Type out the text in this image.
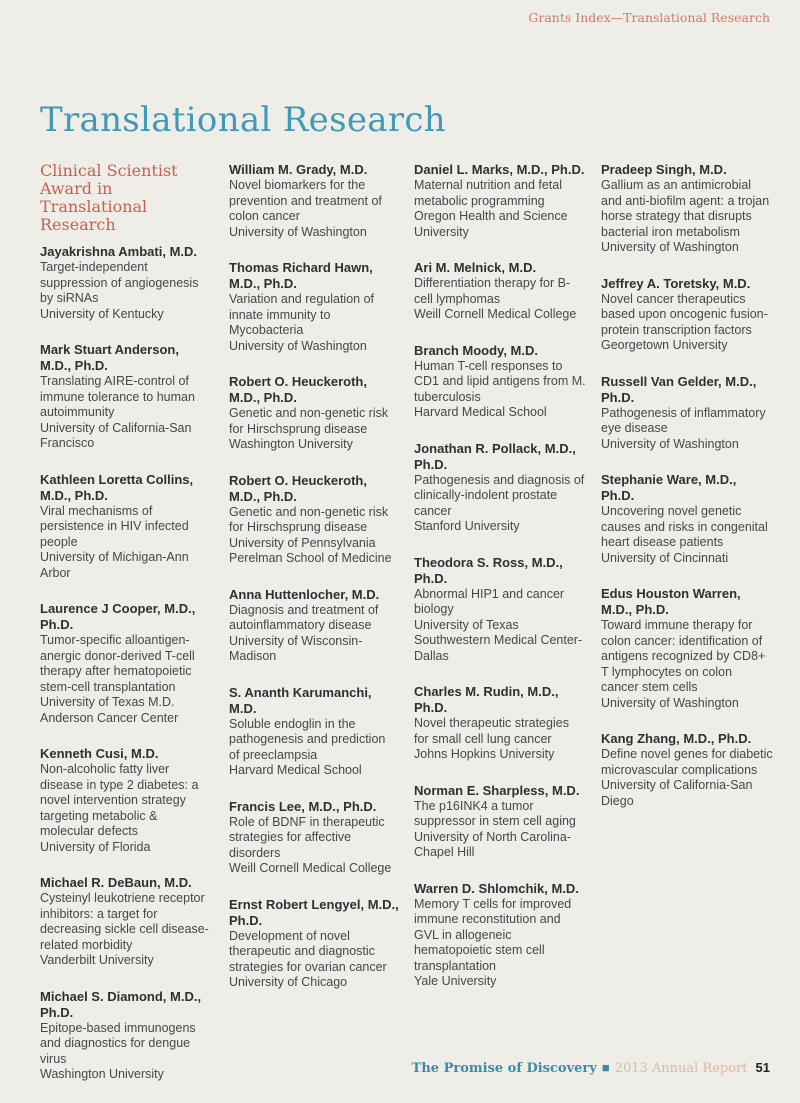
Grants Index—Translational Research
Translational Research
Clinical Scientist Award in Translational Research
Jayakrishna Ambati, M.D.
Target-independent suppression of angiogenesis by siRNAs
University of Kentucky
Mark Stuart Anderson, M.D., Ph.D.
Translating AIRE-control of immune tolerance to human autoimmunity
University of California-San Francisco
Kathleen Loretta Collins, M.D., Ph.D.
Viral mechanisms of persistence in HIV infected people
University of Michigan-Ann Arbor
Laurence J Cooper, M.D., Ph.D.
Tumor-specific alloantigen-anergic donor-derived T-cell therapy after hematopoietic stem-cell transplantation
University of Texas M.D. Anderson Cancer Center
Kenneth Cusi, M.D.
Non-alcoholic fatty liver disease in type 2 diabetes: a novel intervention strategy targeting metabolic & molecular defects
University of Florida
Michael R. DeBaun, M.D.
Cysteinyl leukotriene receptor inhibitors: a target for decreasing sickle cell disease-related morbidity
Vanderbilt University
Michael S. Diamond, M.D., Ph.D.
Epitope-based immunogens and diagnostics for dengue virus
Washington University
William M. Grady, M.D.
Novel biomarkers for the prevention and treatment of colon cancer
University of Washington
Thomas Richard Hawn, M.D., Ph.D.
Variation and regulation of innate immunity to Mycobacteria
University of Washington
Robert O. Heuckeroth, M.D., Ph.D.
Genetic and non-genetic risk for Hirschsprung disease
Washington University
Robert O. Heuckeroth, M.D., Ph.D.
Genetic and non-genetic risk for Hirschsprung disease
University of Pennsylvania Perelman School of Medicine
Anna Huttenlocher, M.D.
Diagnosis and treatment of autoinflammatory disease
University of Wisconsin-Madison
S. Ananth Karumanchi, M.D.
Soluble endoglin in the pathogenesis and prediction of preeclampsia
Harvard Medical School
Francis Lee, M.D., Ph.D.
Role of BDNF in therapeutic strategies for affective disorders
Weill Cornell Medical College
Ernst Robert Lengyel, M.D., Ph.D.
Development of novel therapeutic and diagnostic strategies for ovarian cancer
University of Chicago
Daniel L. Marks, M.D., Ph.D.
Maternal nutrition and fetal metabolic programming
Oregon Health and Science University
Ari M. Melnick, M.D.
Differentiation therapy for B-cell lymphomas
Weill Cornell Medical College
Branch Moody, M.D.
Human T-cell responses to CD1 and lipid antigens from M. tuberculosis
Harvard Medical School
Jonathan R. Pollack, M.D., Ph.D.
Pathogenesis and diagnosis of clinically-indolent prostate cancer
Stanford University
Theodora S. Ross, M.D., Ph.D.
Abnormal HIP1 and cancer biology
University of Texas Southwestern Medical Center-Dallas
Charles M. Rudin, M.D., Ph.D.
Novel therapeutic strategies for small cell lung cancer
Johns Hopkins University
Norman E. Sharpless, M.D.
The p16INK4 a tumor suppressor in stem cell aging
University of North Carolina-Chapel Hill
Warren D. Shlomchik, M.D.
Memory T cells for improved immune reconstitution and GVL in allogeneic hematopoietic stem cell transplantation
Yale University
Pradeep Singh, M.D.
Gallium as an antimicrobial and anti-biofilm agent: a trojan horse strategy that disrupts bacterial iron metabolism
University of Washington
Jeffrey A. Toretsky, M.D.
Novel cancer therapeutics based upon oncogenic fusion-protein transcription factors
Georgetown University
Russell Van Gelder, M.D., Ph.D.
Pathogenesis of inflammatory eye disease
University of Washington
Stephanie Ware, M.D., Ph.D.
Uncovering novel genetic causes and risks in congenital heart disease patients
University of Cincinnati
Edus Houston Warren, M.D., Ph.D.
Toward immune therapy for colon cancer: identification of antigens recognized by CD8+ T lymphocytes on colon cancer stem cells
University of Washington
Kang Zhang, M.D., Ph.D.
Define novel genes for diabetic microvascular complications
University of California-San Diego
The Promise of Discovery ■ 2013 Annual Report 51
